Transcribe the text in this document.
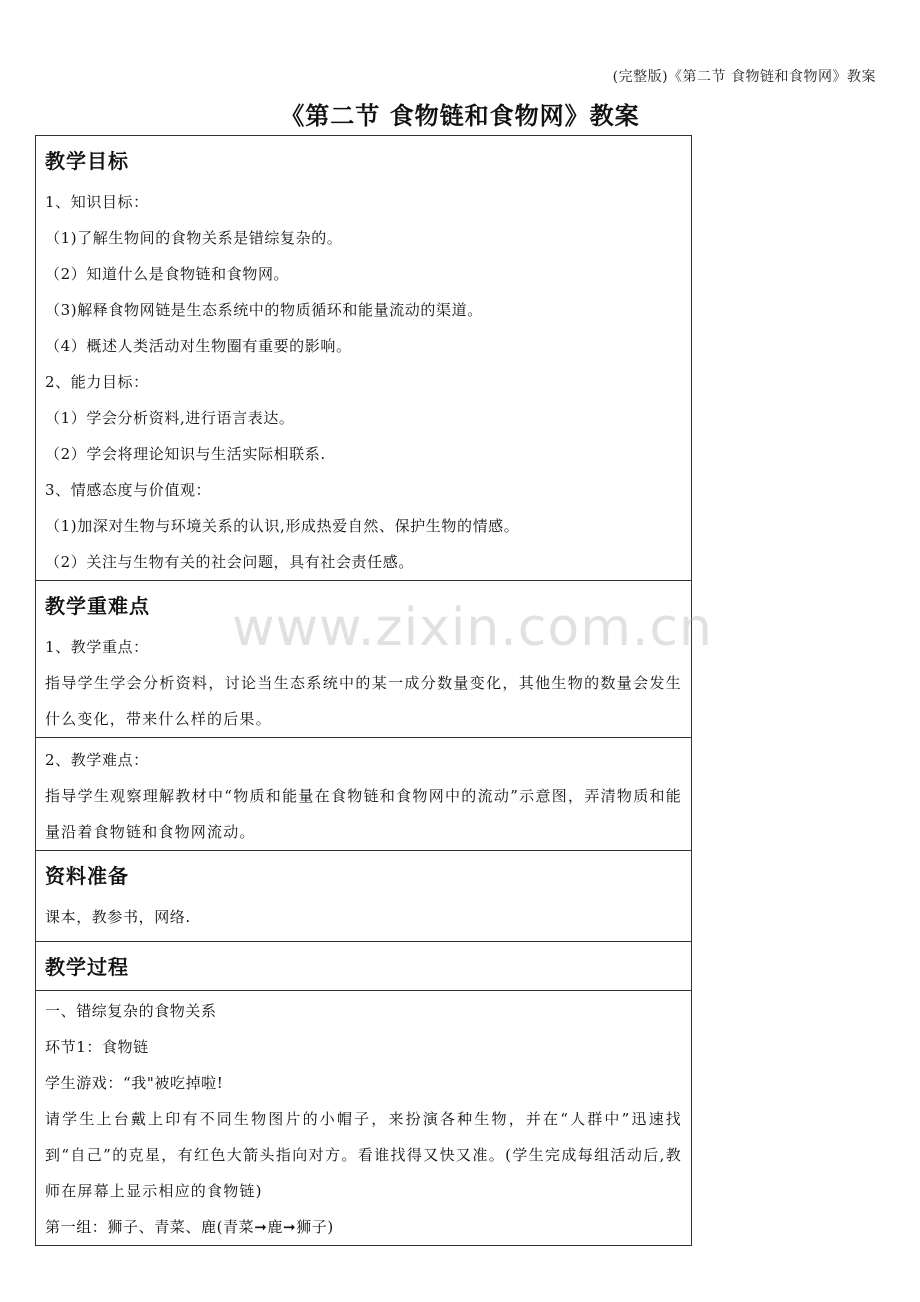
(完整版)《第二节 食物链和食物网》教案
《第二节 食物链和食物网》教案
教学目标
1、知识目标：
（1)了解生物间的食物关系是错综复杂的。
（2）知道什么是食物链和食物网。
（3)解释食物网链是生态系统中的物质循环和能量流动的渠道。
（4）概述人类活动对生物圈有重要的影响。
2、能力目标：
（1）学会分析资料,进行语言表达。
（2）学会将理论知识与生活实际相联系.
3、情感态度与价值观：
（1)加深对生物与环境关系的认识,形成热爱自然、保护生物的情感。
（2）关注与生物有关的社会问题，具有社会责任感。
教学重难点
1、教学重点：
指导学生学会分析资料，讨论当生态系统中的某一成分数量变化，其他生物的数量会发生什么变化，带来什么样的后果。
2、教学难点：
指导学生观察理解教材中“物质和能量在食物链和食物网中的流动”示意图，弄清物质和能量沿着食物链和食物网流动。
资料准备
课本，教参书，网络.
教学过程
一、错综复杂的食物关系
环节1：食物链
学生游戏：“我"被吃掉啦!
请学生上台戴上印有不同生物图片的小帽子，来扮演各种生物，并在“人群中”迅速找到“自己”的克星，有红色大箭头指向对方。看谁找得又快又准。(学生完成每组活动后,教师在屏幕上显示相应的食物链)
第一组：狮子、青菜、鹿(青菜➞鹿➞狮子)
www.zixin.com.cn
